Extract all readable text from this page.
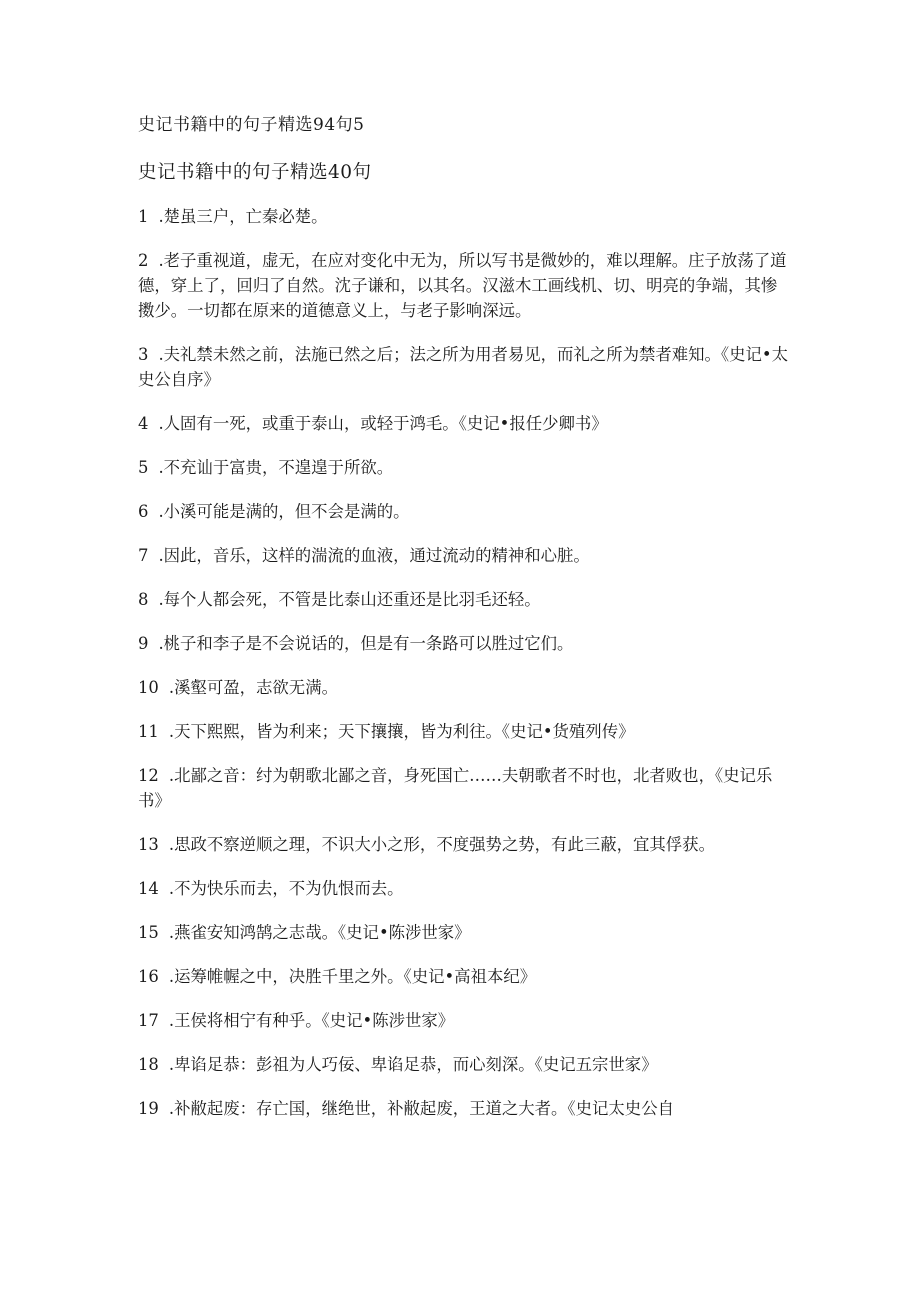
史记书籍中的句子精选94句5
史记书籍中的句子精选40句
1 .楚虽三户，亡秦必楚。
2 .老子重视道，虚无，在应对变化中无为，所以写书是微妙的，难以理解。庄子放荡了道德，穿上了，回归了自然。沈子谦和，以其名。汉滋木工画线机、切、明亮的争端，其惨擞少。一切都在原来的道德意义上，与老子影响深远。
3 .夫礼禁未然之前，法施已然之后；法之所为用者易见，而礼之所为禁者难知。《史记•太史公自序》
4 .人固有一死，或重于泰山，或轻于鸿毛。《史记•报任少卿书》
5 .不充讪于富贵，不遑遑于所欲。
6 .小溪可能是满的，但不会是满的。
7 .因此，音乐，这样的湍流的血液，通过流动的精神和心脏。
8 .每个人都会死，不管是比泰山还重还是比羽毛还轻。
9 .桃子和李子是不会说话的，但是有一条路可以胜过它们。
10 .溪壑可盈，志欲无满。
11 .天下熙熙，皆为利来；天下攘攘，皆为利往。《史记•货殖列传》
12 .北鄙之音：纣为朝歌北鄙之音，身死国亡……夫朝歌者不时也，北者败也，《史记乐书》
13 .思政不察逆顺之理，不识大小之形，不度强势之势，有此三蔽，宜其俘获。
14 .不为快乐而去，不为仇恨而去。
15 .燕雀安知鸿鹄之志哉。《史记•陈涉世家》
16 .运筹帷幄之中，决胜千里之外。《史记•高祖本纪》
17 .王侯将相宁有种乎。《史记•陈涉世家》
18 .卑谄足恭：彭祖为人巧佞、卑谄足恭，而心刻深。《史记五宗世家》
19 .补敝起废：存亡国，继绝世，补敝起废，王道之大者。《史记太史公自
